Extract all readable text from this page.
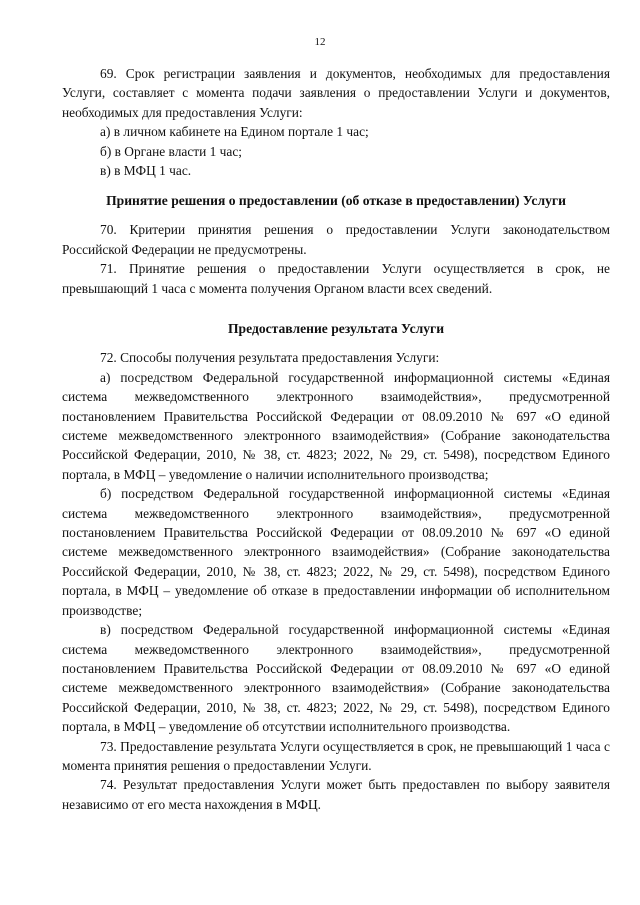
12

69. Срок регистрации заявления и документов, необходимых для предоставления Услуги, составляет с момента подачи заявления о предоставлении Услуги и документов, необходимых для предоставления Услуги:

а) в личном кабинете на Едином портале 1 час;

б) в Органе власти 1 час;

в) в МФЦ 1 час.

Принятие решения о предоставлении (об отказе в предоставлении) Услуги

70. Критерии принятия решения о предоставлении Услуги законодательством Российской Федерации не предусмотрены.

71. Принятие решения о предоставлении Услуги осуществляется в срок, не превышающий 1 часа с момента получения Органом власти всех сведений.

Предоставление результата Услуги

72. Способы получения результата предоставления Услуги:

а) посредством Федеральной государственной информационной системы «Единая система межведомственного электронного взаимодействия», предусмотренной постановлением Правительства Российской Федерации от 08.09.2010 № 697 «О единой системе межведомственного электронного взаимодействия» (Собрание законодательства Российской Федерации, 2010, № 38, ст. 4823; 2022, № 29, ст. 5498), посредством Единого портала, в МФЦ – уведомление о наличии исполнительного производства;

б) посредством Федеральной государственной информационной системы «Единая система межведомственного электронного взаимодействия», предусмотренной постановлением Правительства Российской Федерации от 08.09.2010 № 697 «О единой системе межведомственного электронного взаимодействия» (Собрание законодательства Российской Федерации, 2010, № 38, ст. 4823; 2022, № 29, ст. 5498), посредством Единого портала, в МФЦ – уведомление об отказе в предоставлении информации об исполнительном производстве;

в) посредством Федеральной государственной информационной системы «Единая система межведомственного электронного взаимодействия», предусмотренной постановлением Правительства Российской Федерации от 08.09.2010 № 697 «О единой системе межведомственного электронного взаимодействия» (Собрание законодательства Российской Федерации, 2010, № 38, ст. 4823; 2022, № 29, ст. 5498), посредством Единого портала, в МФЦ – уведомление об отсутствии исполнительного производства.

73. Предоставление результата Услуги осуществляется в срок, не превышающий 1 часа с момента принятия решения о предоставлении Услуги.

74. Результат предоставления Услуги может быть предоставлен по выбору заявителя независимо от его места нахождения в МФЦ.
